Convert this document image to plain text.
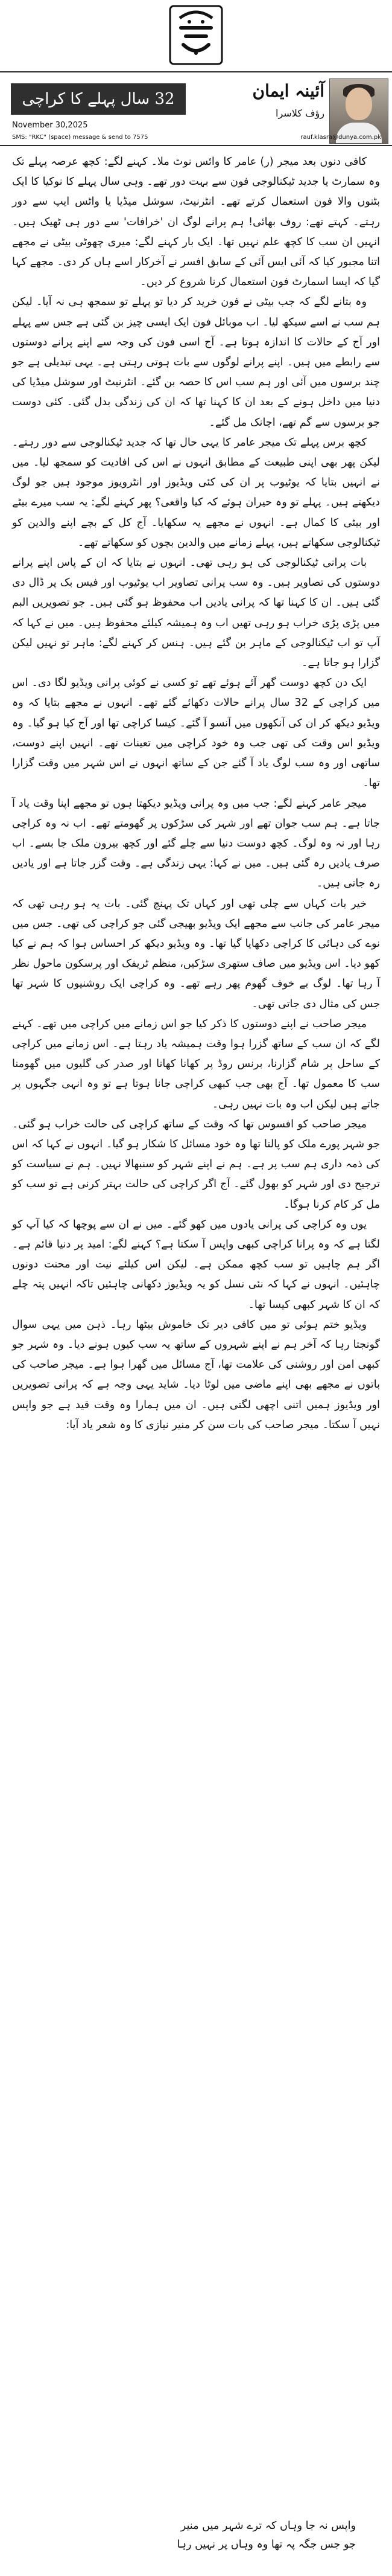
آئینہ ایمان
رؤف کلاسرا
32 سال پہلے کا کراچی
November 30,2025
SMS: "RKC" (space) message & send to 7575	rauf.klasra@dunya.com.pk

کافی دنوں بعد میجر (ر) عامر کا وائس نوٹ ملا۔ کہنے لگے: کچھ عرصہ پہلے تک وہ سمارٹ یا جدید ٹیکنالوجی فون سے بہت دور تھے۔ وہی سال پہلے کا نوکیا کا ایک بٹنوں والا فون استعمال کرتے تھے۔ انٹرنیٹ، سوشل میڈیا یا واٹس ایپ سے دور رہتے۔ کہتے تھے: روف بھائی! ہم پرانے لوگ ان 'خرافات' سے دور ہی ٹھیک ہیں۔ انہیں ان سب کا کچھ علم نہیں تھا۔ ایک بار کہنے لگے: میری چھوٹی بیٹی نے مجھے اتنا مجبور کیا کہ آئی ایس آئی کے سابق افسر نے آخرکار اسے ہاں کر دی۔ مجھے کہا گیا کہ ایسا اسمارٹ فون استعمال کرنا شروع کر دیں۔

وہ بتانے لگے کہ جب بیٹی نے فون خرید کر دیا تو پہلے تو سمجھ ہی نہ آیا۔ لیکن ہم سب نے اسے سیکھ لیا۔ اب موبائل فون ایک ایسی چیز بن گئی ہے جس سے پہلے اور آج کے حالات کا اندازہ ہوتا ہے۔ آج اسی فون کی وجہ سے اپنے پرانے دوستوں سے رابطے میں ہیں۔ اپنے پرانے لوگوں سے بات ہوتی رہتی ہے۔ یہی تبدیلی ہے جو چند برسوں میں آئی اور ہم سب اس کا حصہ بن گئے۔ انٹرنیٹ اور سوشل میڈیا کی دنیا میں داخل ہونے کے بعد ان کا کہنا تھا کہ ان کی زندگی بدل گئی۔ کئی دوست جو برسوں سے گم تھے، اچانک مل گئے۔

کچھ برس پہلے تک میجر عامر کا یہی حال تھا کہ جدید ٹیکنالوجی سے دور رہتے۔ لیکن پھر بھی اپنی طبیعت کے مطابق انہوں نے اس کی افادیت کو سمجھ لیا۔ میں نے انہیں بتایا کہ یوٹیوب پر ان کی کئی ویڈیوز اور انٹرویوز موجود ہیں جو لوگ دیکھتے ہیں۔ پہلے تو وہ حیران ہوئے کہ کیا واقعی؟ پھر کہنے لگے: یہ سب میرے بیٹے اور بیٹی کا کمال ہے۔ انہوں نے مجھے یہ سکھایا۔ آج کل کے بچے اپنے والدین کو ٹیکنالوجی سکھاتے ہیں، پہلے زمانے میں والدین بچوں کو سکھاتے تھے۔

بات پرانی ٹیکنالوجی کی ہو رہی تھی۔ انہوں نے بتایا کہ ان کے پاس اپنے پرانے دوستوں کی تصاویر ہیں۔ وہ سب پرانی تصاویر اب یوٹیوب اور فیس بک پر ڈال دی گئی ہیں۔ ان کا کہنا تھا کہ پرانی یادیں اب محفوظ ہو گئی ہیں۔ جو تصویریں البم میں پڑی پڑی خراب ہو رہی تھیں اب وہ ہمیشہ کیلئے محفوظ ہیں۔ میں نے کہا کہ آپ تو اب ٹیکنالوجی کے ماہر بن گئے ہیں۔ ہنس کر کہنے لگے: ماہر تو نہیں لیکن گزارا ہو جاتا ہے۔

ایک دن کچھ دوست گھر آئے ہوئے تھے تو کسی نے کوئی پرانی ویڈیو لگا دی۔ اس میں کراچی کے 32 سال پرانے حالات دکھائے گئے تھے۔ انہوں نے مجھے بتایا کہ وہ ویڈیو دیکھ کر ان کی آنکھوں میں آنسو آ گئے۔ کیسا کراچی تھا اور آج کیا ہو گیا۔ وہ ویڈیو اس وقت کی تھی جب وہ خود کراچی میں تعینات تھے۔ انہیں اپنے دوست، ساتھی اور وہ سب لوگ یاد آ گئے جن کے ساتھ انہوں نے اس شہر میں وقت گزارا تھا۔

میجر عامر کہنے لگے: جب میں وہ پرانی ویڈیو دیکھتا ہوں تو مجھے اپنا وقت یاد آ جاتا ہے۔ ہم سب جوان تھے اور شہر کی سڑکوں پر گھومتے تھے۔ اب نہ وہ کراچی رہا اور نہ وہ لوگ۔ کچھ دوست دنیا سے چلے گئے اور کچھ بیرون ملک جا بسے۔ اب صرف یادیں رہ گئی ہیں۔ میں نے کہا: یہی زندگی ہے۔ وقت گزر جاتا ہے اور یادیں رہ جاتی ہیں۔

خیر بات کہاں سے چلی تھی اور کہاں تک پہنچ گئی۔ بات یہ ہو رہی تھی کہ میجر عامر کی جانب سے مجھے ایک ویڈیو بھیجی گئی جو کراچی کی تھی۔ جس میں نوے کی دہائی کا کراچی دکھایا گیا تھا۔ وہ ویڈیو دیکھ کر احساس ہوا کہ ہم نے کیا کھو دیا۔ اس ویڈیو میں صاف ستھری سڑکیں، منظم ٹریفک اور پرسکون ماحول نظر آ رہا تھا۔ لوگ بے خوف گھوم پھر رہے تھے۔ وہ کراچی ایک روشنیوں کا شہر تھا جس کی مثال دی جاتی تھی۔

میجر صاحب نے اپنے دوستوں کا ذکر کیا جو اس زمانے میں کراچی میں تھے۔ کہنے لگے کہ ان سب کے ساتھ گزرا ہوا وقت ہمیشہ یاد رہتا ہے۔ اس زمانے میں کراچی کے ساحل پر شام گزارنا، برنس روڈ پر کھانا کھانا اور صدر کی گلیوں میں گھومنا سب کا معمول تھا۔ آج بھی جب کبھی کراچی جانا ہوتا ہے تو وہ انہی جگہوں پر جاتے ہیں لیکن اب وہ بات نہیں رہی۔

میجر صاحب کو افسوس تھا کہ وقت کے ساتھ کراچی کی حالت خراب ہو گئی۔ جو شہر پورے ملک کو پالتا تھا وہ خود مسائل کا شکار ہو گیا۔ انہوں نے کہا کہ اس کی ذمہ داری ہم سب پر ہے۔ ہم نے اپنے شہر کو سنبھالا نہیں۔ ہم نے سیاست کو ترجیح دی اور شہر کو بھول گئے۔ آج اگر کراچی کی حالت بہتر کرنی ہے تو سب کو مل کر کام کرنا ہوگا۔

یوں وہ کراچی کی پرانی یادوں میں کھو گئے۔ میں نے ان سے پوچھا کہ کیا آپ کو لگتا ہے کہ وہ پرانا کراچی کبھی واپس آ سکتا ہے؟ کہنے لگے: امید پر دنیا قائم ہے۔ اگر ہم چاہیں تو سب کچھ ممکن ہے۔ لیکن اس کیلئے نیت اور محنت دونوں چاہئیں۔ انہوں نے کہا کہ نئی نسل کو یہ ویڈیوز دکھانی چاہئیں تاکہ انہیں پتہ چلے کہ ان کا شہر کبھی کیسا تھا۔

ویڈیو ختم ہوئی تو میں کافی دیر تک خاموش بیٹھا رہا۔ ذہن میں یہی سوال گونجتا رہا کہ آخر ہم نے اپنے شہروں کے ساتھ یہ سب کیوں ہونے دیا۔ وہ شہر جو کبھی امن اور روشنی کی علامت تھا، آج مسائل میں گھرا ہوا ہے۔ میجر صاحب کی باتوں نے مجھے بھی اپنے ماضی میں لوٹا دیا۔ شاید یہی وجہ ہے کہ پرانی تصویریں اور ویڈیوز ہمیں اتنی اچھی لگتی ہیں۔ ان میں ہمارا وہ وقت قید ہے جو واپس نہیں آ سکتا۔ میجر صاحب کی بات سن کر منیر نیازی کا وہ شعر یاد آیا:

واپس نہ جا وہاں کہ ترے شہر میں منیر
جو جس جگہ پہ تھا وہ وہاں پر نہیں رہا
